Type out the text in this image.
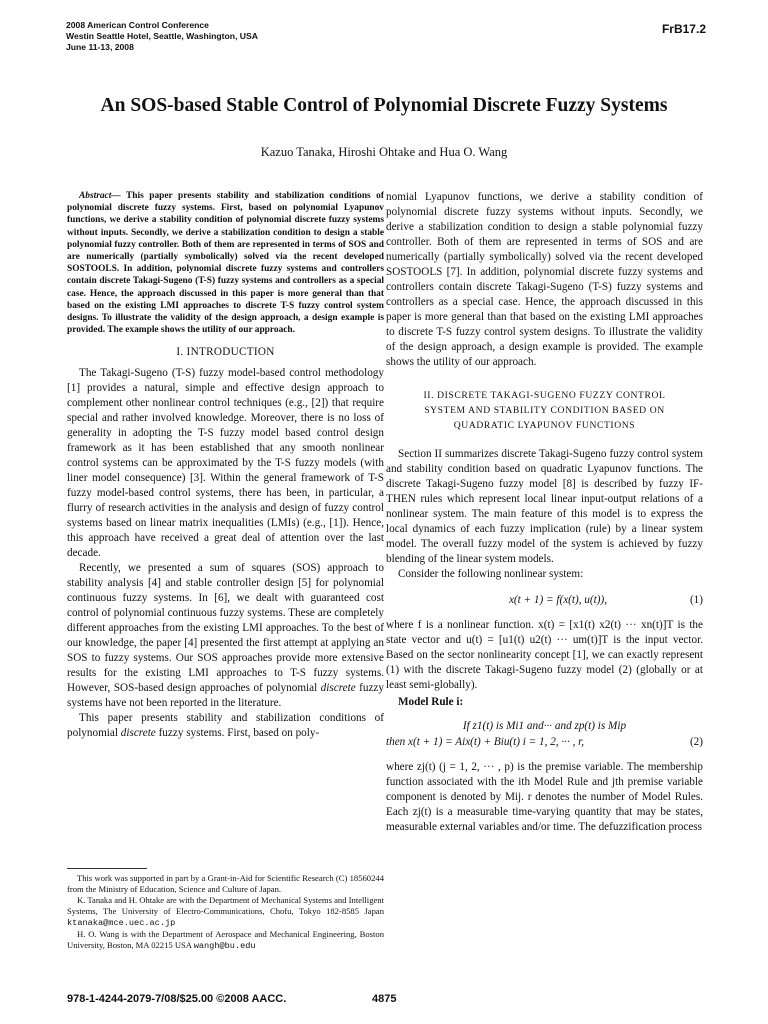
2008 American Control Conference
Westin Seattle Hotel, Seattle, Washington, USA
June 11-13, 2008
FrB17.2
An SOS-based Stable Control of Polynomial Discrete Fuzzy Systems
Kazuo Tanaka, Hiroshi Ohtake and Hua O. Wang

Abstract— This paper presents stability and stabilization conditions of polynomial discrete fuzzy systems. First, based on polynomial Lyapunov functions, we derive a stability condition of polynomial discrete fuzzy systems without inputs. Secondly, we derive a stabilization condition to design a stable polynomial fuzzy controller. Both of them are represented in terms of SOS and are numerically (partially symbolically) solved via the recent developed SOSTOOLS. In addition, polynomial discrete fuzzy systems and controllers contain discrete Takagi-Sugeno (T-S) fuzzy systems and controllers as a special case. Hence, the approach discussed in this paper is more general than that based on the existing LMI approaches to discrete T-S fuzzy control system designs. To illustrate the validity of the design approach, a design example is provided. The example shows the utility of our approach.

I. INTRODUCTION

The Takagi-Sugeno (T-S) fuzzy model-based control methodology [1] provides a natural, simple and effective design approach to complement other nonlinear control techniques (e.g., [2]) that require special and rather involved knowledge. Moreover, there is no loss of generality in adopting the T-S fuzzy model based control design framework as it has been established that any smooth nonlinear control systems can be approximated by the T-S fuzzy models (with liner model consequence) [3]. Within the general framework of T-S fuzzy model-based control systems, there has been, in particular, a flurry of research activities in the analysis and design of fuzzy control systems based on linear matrix inequalities (LMIs) (e.g., [1]). Hence, this approach have received a great deal of attention over the last decade.

Recently, we presented a sum of squares (SOS) approach to stability analysis [4] and stable controller design [5] for polynomial continuous fuzzy systems. In [6], we dealt with guaranteed cost control of polynomial continuous fuzzy systems. These are completely different approaches from the existing LMI approaches. To the best of our knowledge, the paper [4] presented the first attempt at applying an SOS to fuzzy systems. Our SOS approaches provide more extensive results for the existing LMI approaches to T-S fuzzy systems. However, SOS-based design approaches of polynomial discrete fuzzy systems have not been reported in the literature.

This paper presents stability and stabilization conditions of polynomial discrete fuzzy systems. First, based on poly-

nomial Lyapunov functions, we derive a stability condition of polynomial discrete fuzzy systems without inputs. Secondly, we derive a stabilization condition to design a stable polynomial fuzzy controller. Both of them are represented in terms of SOS and are numerically (partially symbolically) solved via the recent developed SOSTOOLS [7]. In addition, polynomial discrete fuzzy systems and controllers contain discrete Takagi-Sugeno (T-S) fuzzy systems and controllers as a special case. Hence, the approach discussed in this paper is more general than that based on the existing LMI approaches to discrete T-S fuzzy control system designs. To illustrate the validity of the design approach, a design example is provided. The example shows the utility of our approach.

II. DISCRETE TAKAGI-SUGENO FUZZY CONTROL
SYSTEM AND STABILITY CONDITION BASED ON
QUADRATIC LYAPUNOV FUNCTIONS

Section II summarizes discrete Takagi-Sugeno fuzzy control system and stability condition based on quadratic Lyapunov functions. The discrete Takagi-Sugeno fuzzy model [8] is described by fuzzy IF-THEN rules which represent local linear input-output relations of a nonlinear system. The main feature of this model is to express the local dynamics of each fuzzy implication (rule) by a linear system model. The overall fuzzy model of the system is achieved by fuzzy blending of the linear system models.

Consider the following nonlinear system:

x(t + 1) = f(x(t), u(t)),	(1)

where f is a nonlinear function. x(t) = [x1(t) x2(t) ··· xn(t)]T is the state vector and u(t) = [u1(t) u2(t) ··· um(t)]T is the input vector. Based on the sector nonlinearity concept [1], we can exactly represent (1) with the discrete Takagi-Sugeno fuzzy model (2) (globally or at least semi-globally).

Model Rule i:

If z1(t) is Mi1 and··· and zp(t) is Mip
then x(t + 1) = Aix(t) + Biu(t) i = 1, 2, ··· , r,	(2)

where zj(t) (j = 1, 2, ··· , p) is the premise variable. The membership function associated with the ith Model Rule and jth premise variable component is denoted by Mij. r denotes the number of Model Rules. Each zj(t) is a measurable time-varying quantity that may be states, measurable external variables and/or time. The defuzzification process

This work was supported in part by a Grant-in-Aid for Scientific Research (C) 18560244 from the Ministry of Education, Science and Culture of Japan.
K. Tanaka and H. Ohtake are with the Department of Mechanical Systems and Intelligent Systems, The University of Electro-Communications, Chofu, Tokyo 182-8585 Japan ktanaka@mce.uec.ac.jp
H. O. Wang is with the Department of Aerospace and Mechanical Engineering, Boston University, Boston, MA 02215 USA wangh@bu.edu
978-1-4244-2079-7/08/$25.00 ©2008 AACC.	4875
